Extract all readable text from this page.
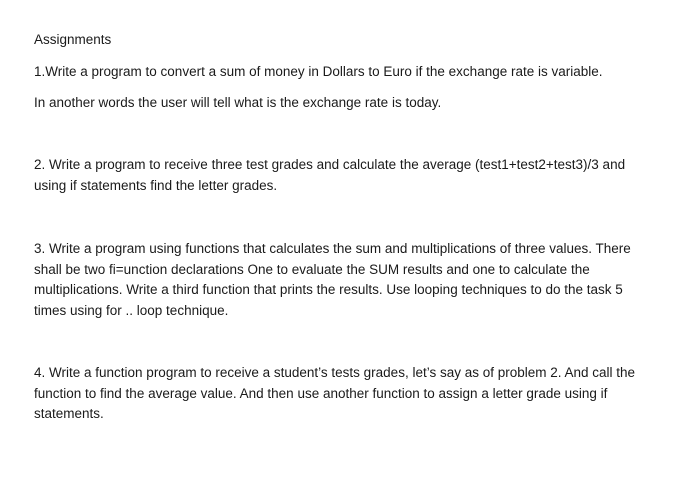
Assignments

1.Write a program to convert a sum of money in Dollars to Euro if the exchange rate is variable.

In another words the user will tell what is the exchange rate is today.

2. Write a program to receive three test grades and calculate the average (test1+test2+test3)/3 and
using if statements find the letter grades.
3. Write a program using functions that calculates the sum and multiplications of three values. There
shall be two fi=unction declarations One to evaluate the SUM results and one to calculate the
multiplications. Write a third function that prints the results. Use looping techniques to do the task 5
times using for .. loop technique.
4. Write a function program to receive a student’s tests grades, let’s say as of problem 2. And call the
function to find the average value. And then use another function to assign a letter grade using if
statements.
